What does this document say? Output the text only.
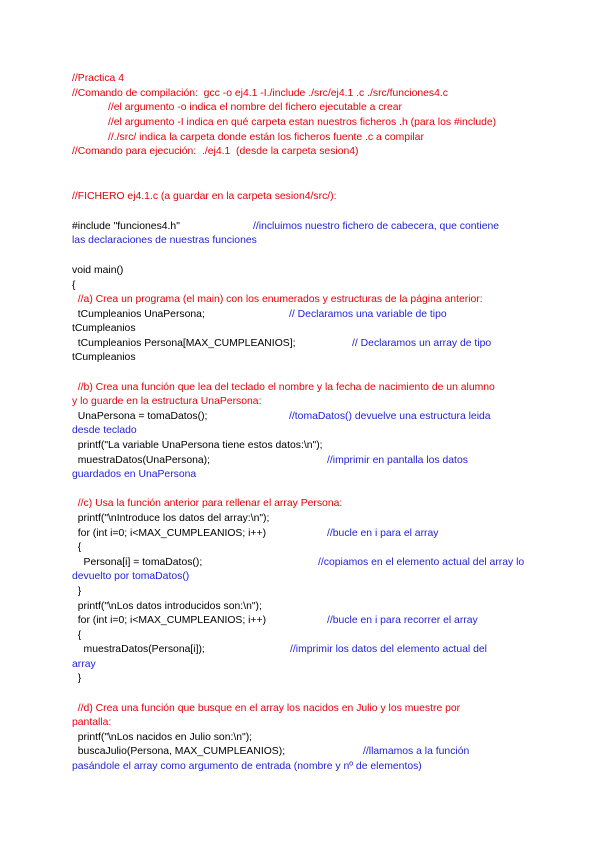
//Practica 4
//Comando de compilación:  gcc -o ej4.1 -I./include ./src/ej4.1 .c ./src/funciones4.c
//el argumento -o indica el nombre del fichero ejecutable a crear
//el argumento -I indica en qué carpeta estan nuestros ficheros .h (para los #include)
//./src/ indica la carpeta donde están los ficheros fuente .c a compilar
//Comando para ejecución:  ./ej4.1  (desde la carpeta sesion4)
//FICHERO ej4.1.c (a guardar en la carpeta sesion4/src/):
#include "funciones4.h"	//incluimos nuestro fichero de cabecera, que contiene
las declaraciones de nuestras funciones
void main()
{
//a) Crea un programa (el main) con los enumerados y estructuras de la página anterior:
tCumpleanios UnaPersona;	// Declaramos una variable de tipo
tCumpleanios
tCumpleanios Persona[MAX_CUMPLEANIOS];	// Declaramos un array de tipo
tCumpleanios
//b) Crea una función que lea del teclado el nombre y la fecha de nacimiento de un alumno
y lo guarde en la estructura UnaPersona:
UnaPersona = tomaDatos();	//tomaDatos() devuelve una estructura leida
desde teclado
printf("La variable UnaPersona tiene estos datos:\n");
muestraDatos(UnaPersona);	//imprimir en pantalla los datos
guardados en UnaPersona
//c) Usa la función anterior para rellenar el array Persona:
printf("\nIntroduce los datos del array:\n");
for (int i=0; i<MAX_CUMPLEANIOS; i++)	//bucle en i para el array
{
Persona[i] = tomaDatos();	//copiamos en el elemento actual del array lo
devuelto por tomaDatos()
}
printf("\nLos datos introducidos son:\n");
for (int i=0; i<MAX_CUMPLEANIOS; i++)	//bucle en i para recorrer el array
{
muestraDatos(Persona[i]);	//imprimir los datos del elemento actual del
array
}
//d) Crea una función que busque en el array los nacidos en Julio y los muestre por
pantalla:
printf("\nLos nacidos en Julio son:\n");
buscaJulio(Persona, MAX_CUMPLEANIOS);	//llamamos a la función
pasándole el array como argumento de entrada (nombre y nº de elementos)
